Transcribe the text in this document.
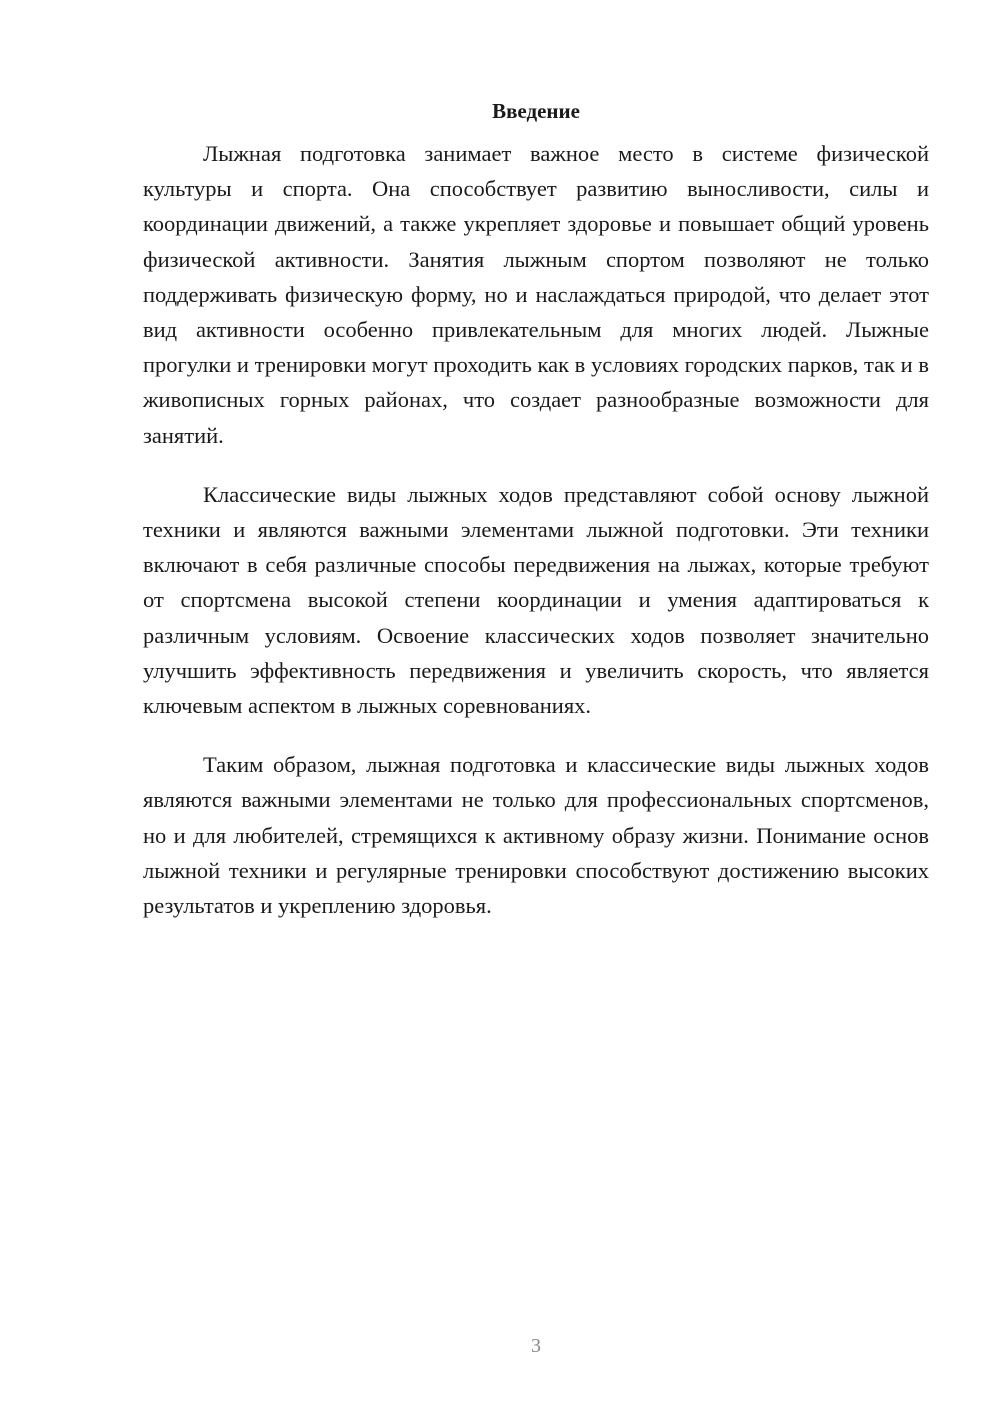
Введение

Лыжная подготовка занимает важное место в системе физической культуры и спорта. Она способствует развитию выносливости, силы и координации движений, а также укрепляет здоровье и повышает общий уровень физической активности. Занятия лыжным спортом позволяют не только поддерживать физическую форму, но и наслаждаться природой, что делает этот вид активности особенно привлекательным для многих людей. Лыжные прогулки и тренировки могут проходить как в условиях городских парков, так и в живописных горных районах, что создает разнообразные возможности для занятий.

Классические виды лыжных ходов представляют собой основу лыжной техники и являются важными элементами лыжной подготовки. Эти техники включают в себя различные способы передвижения на лыжах, которые требуют от спортсмена высокой степени координации и умения адаптироваться к различным условиям. Освоение классических ходов позволяет значительно улучшить эффективность передвижения и увеличить скорость, что является ключевым аспектом в лыжных соревнованиях.

Таким образом, лыжная подготовка и классические виды лыжных ходов являются важными элементами не только для профессиональных спортсменов, но и для любителей, стремящихся к активному образу жизни. Понимание основ лыжной техники и регулярные тренировки способствуют достижению высоких результатов и укреплению здоровья.

3
